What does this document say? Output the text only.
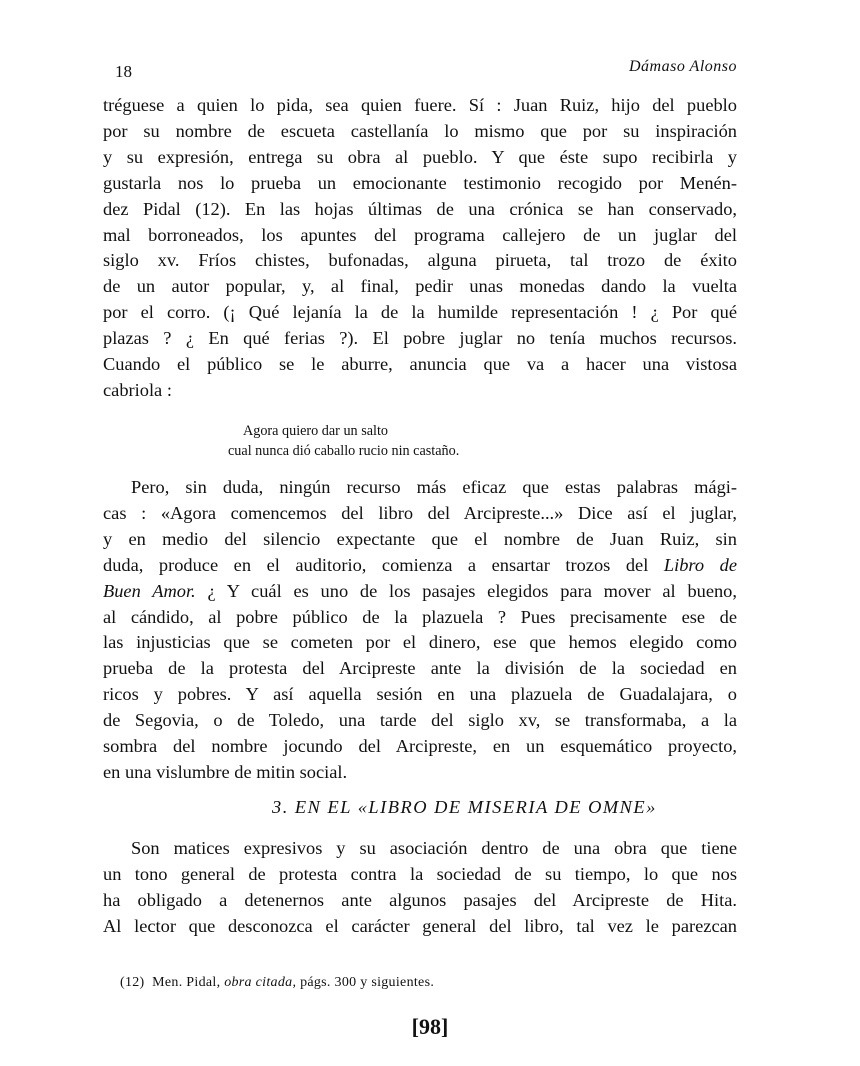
18	Dámaso Alonso

tréguese a quien lo pida, sea quien fuere. Sí : Juan Ruiz, hijo del pueblo
por su nombre de escueta castellanía lo mismo que por su inspiración
y su expresión, entrega su obra al pueblo. Y que éste supo recibirla y
gustarla nos lo prueba un emocionante testimonio recogido por Menén-
dez Pidal (12). En las hojas últimas de una crónica se han conservado,
mal borroneados, los apuntes del programa callejero de un juglar del
siglo xv. Fríos chistes, bufonadas, alguna pirueta, tal trozo de éxito
de un autor popular, y, al final, pedir unas monedas dando la vuelta
por el corro. (¡ Qué lejanía la de la humilde representación ! ¿ Por qué
plazas ? ¿ En qué ferias ?). El pobre juglar no tenía muchos recursos.
Cuando el público se le aburre, anuncia que va a hacer una vistosa
cabriola :

Agora quiero dar un salto
cual nunca dió caballo rucio nin castaño.

Pero, sin duda, ningún recurso más eficaz que estas palabras mági-
cas : «Agora comencemos del libro del Arcipreste...» Dice así el juglar,
y en medio del silencio expectante que el nombre de Juan Ruiz, sin
duda, produce en el auditorio, comienza a ensartar trozos del Libro de
Buen Amor. ¿ Y cuál es uno de los pasajes elegidos para mover al bueno,
al cándido, al pobre público de la plazuela ? Pues precisamente ese de
las injusticias que se cometen por el dinero, ese que hemos elegido como
prueba de la protesta del Arcipreste ante la división de la sociedad en
ricos y pobres. Y así aquella sesión en una plazuela de Guadalajara, o
de Segovia, o de Toledo, una tarde del siglo xv, se transformaba, a la
sombra del nombre jocundo del Arcipreste, en un esquemático proyecto,
en una vislumbre de mitin social.

3. EN EL «LIBRO DE MISERIA DE OMNE»

Son matices expresivos y su asociación dentro de una obra que tiene
un tono general de protesta contra la sociedad de su tiempo, lo que nos
ha obligado a detenernos ante algunos pasajes del Arcipreste de Hita.
Al lector que desconozca el carácter general del libro, tal vez le parezcan

(12) Men. Pidal, obra citada, págs. 300 y siguientes.
[98]
